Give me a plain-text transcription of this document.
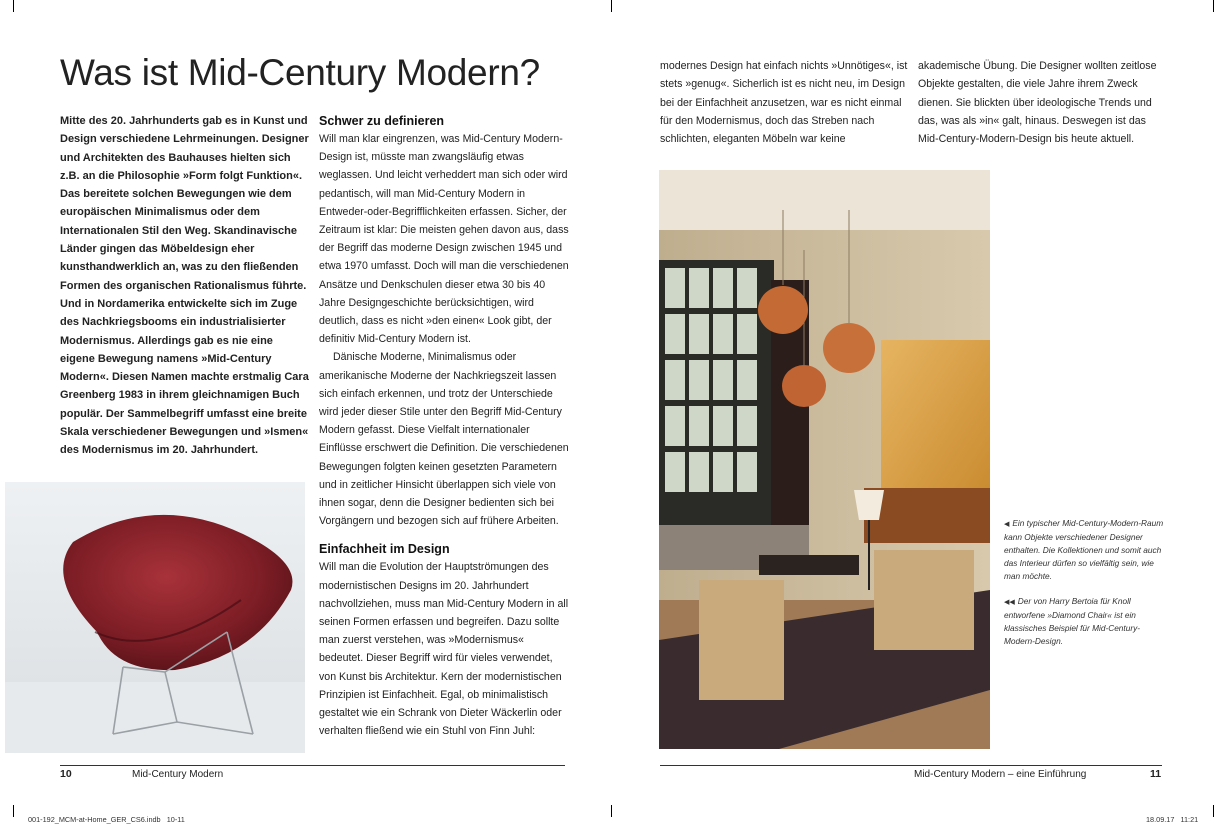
Was ist Mid-Century Modern?

Mitte des 20. Jahrhunderts gab es in Kunst und Design verschiedene Lehrmeinungen. Designer und Architekten des Bauhauses hielten sich z.B. an die Philosophie »Form folgt Funktion«. Das bereitete solchen Bewegungen wie dem europäischen Minimalismus oder dem Internationalen Stil den Weg. Skandinavische Länder gingen das Möbeldesign eher kunsthandwerklich an, was zu den fließenden Formen des organischen Rationalismus führte. Und in Nordamerika entwickelte sich im Zuge des Nachkriegsbooms ein industrialisierter Modernismus. Allerdings gab es nie eine eigene Bewegung namens »Mid-Century Modern«. Diesen Namen machte erstmalig Cara Greenberg 1983 in ihrem gleichnamigen Buch populär. Der Sammelbegriff umfasst eine breite Skala verschiedener Bewegungen und »Ismen« des Modernismus im 20. Jahrhundert.

Schwer zu definieren

Will man klar eingrenzen, was Mid-Century Modern-Design ist, müsste man zwangsläufig etwas weglassen. Und leicht verheddert man sich oder wird pedantisch, will man Mid-Century Modern in Entweder-oder-Begrifflichkeiten erfassen. Sicher, der Zeitraum ist klar: Die meisten gehen davon aus, dass der Begriff das moderne Design zwischen 1945 und etwa 1970 umfasst. Doch will man die verschiedenen Ansätze und Denkschulen dieser etwa 30 bis 40 Jahre Designgeschichte berücksichtigen, wird deutlich, dass es nicht »den einen« Look gibt, der definitiv Mid-Century Modern ist.

Dänische Moderne, Minimalismus oder amerikanische Moderne der Nachkriegszeit lassen sich einfach erkennen, und trotz der Unterschiede wird jeder dieser Stile unter den Begriff Mid-Century Modern gefasst. Diese Vielfalt internationaler Einflüsse erschwert die Definition. Die verschiedenen Bewegungen folgten keinen gesetzten Parametern und in zeitlicher Hinsicht überlappen sich viele von ihnen sogar, denn die Designer bedienten sich bei Vorgängern und bezogen sich auf frühere Arbeiten.

Einfachheit im Design

Will man die Evolution der Hauptströmungen des modernistischen Designs im 20. Jahrhundert nachvollziehen, muss man Mid-Century Modern in all seinen Formen erfassen und begreifen. Dazu sollte man zuerst verstehen, was »Modernismus« bedeutet. Dieser Begriff wird für vieles verwendet, von Kunst bis Architektur. Kern der modernistischen Prinzipien ist Einfachheit. Egal, ob minimalistisch gestaltet wie ein Schrank von Dieter Wäckerlin oder verhalten fließend wie ein Stuhl von Finn Juhl:

modernes Design hat einfach nichts »Unnötiges«, ist stets »genug«. Sicherlich ist es nicht neu, im Design bei der Einfachheit anzusetzen, war es nicht einmal für den Modernismus, doch das Streben nach schlichten, eleganten Möbeln war keine

akademische Übung. Die Designer wollten zeitlose Objekte gestalten, die viele Jahre ihrem Zweck dienen. Sie blickten über ideologische Trends und das, was als »in« galt, hinaus. Deswegen ist das Mid-Century-Modern-Design bis heute aktuell.

◀ Ein typischer Mid-Century-Modern-Raum kann Objekte verschiedener Designer enthalten. Die Kollektionen und somit auch das Interieur dürfen so vielfältig sein, wie man möchte.
◀◀ Der von Harry Bertoia für Knoll entworfene »Diamond Chair« ist ein klassisches Beispiel für Mid-Century-Modern-Design.
10	Mid-Century Modern	Mid-Century Modern – eine Einführung	11
001-192_MCM-at-Home_GER_CS6.indb   10-11	18.09.17   11:21
